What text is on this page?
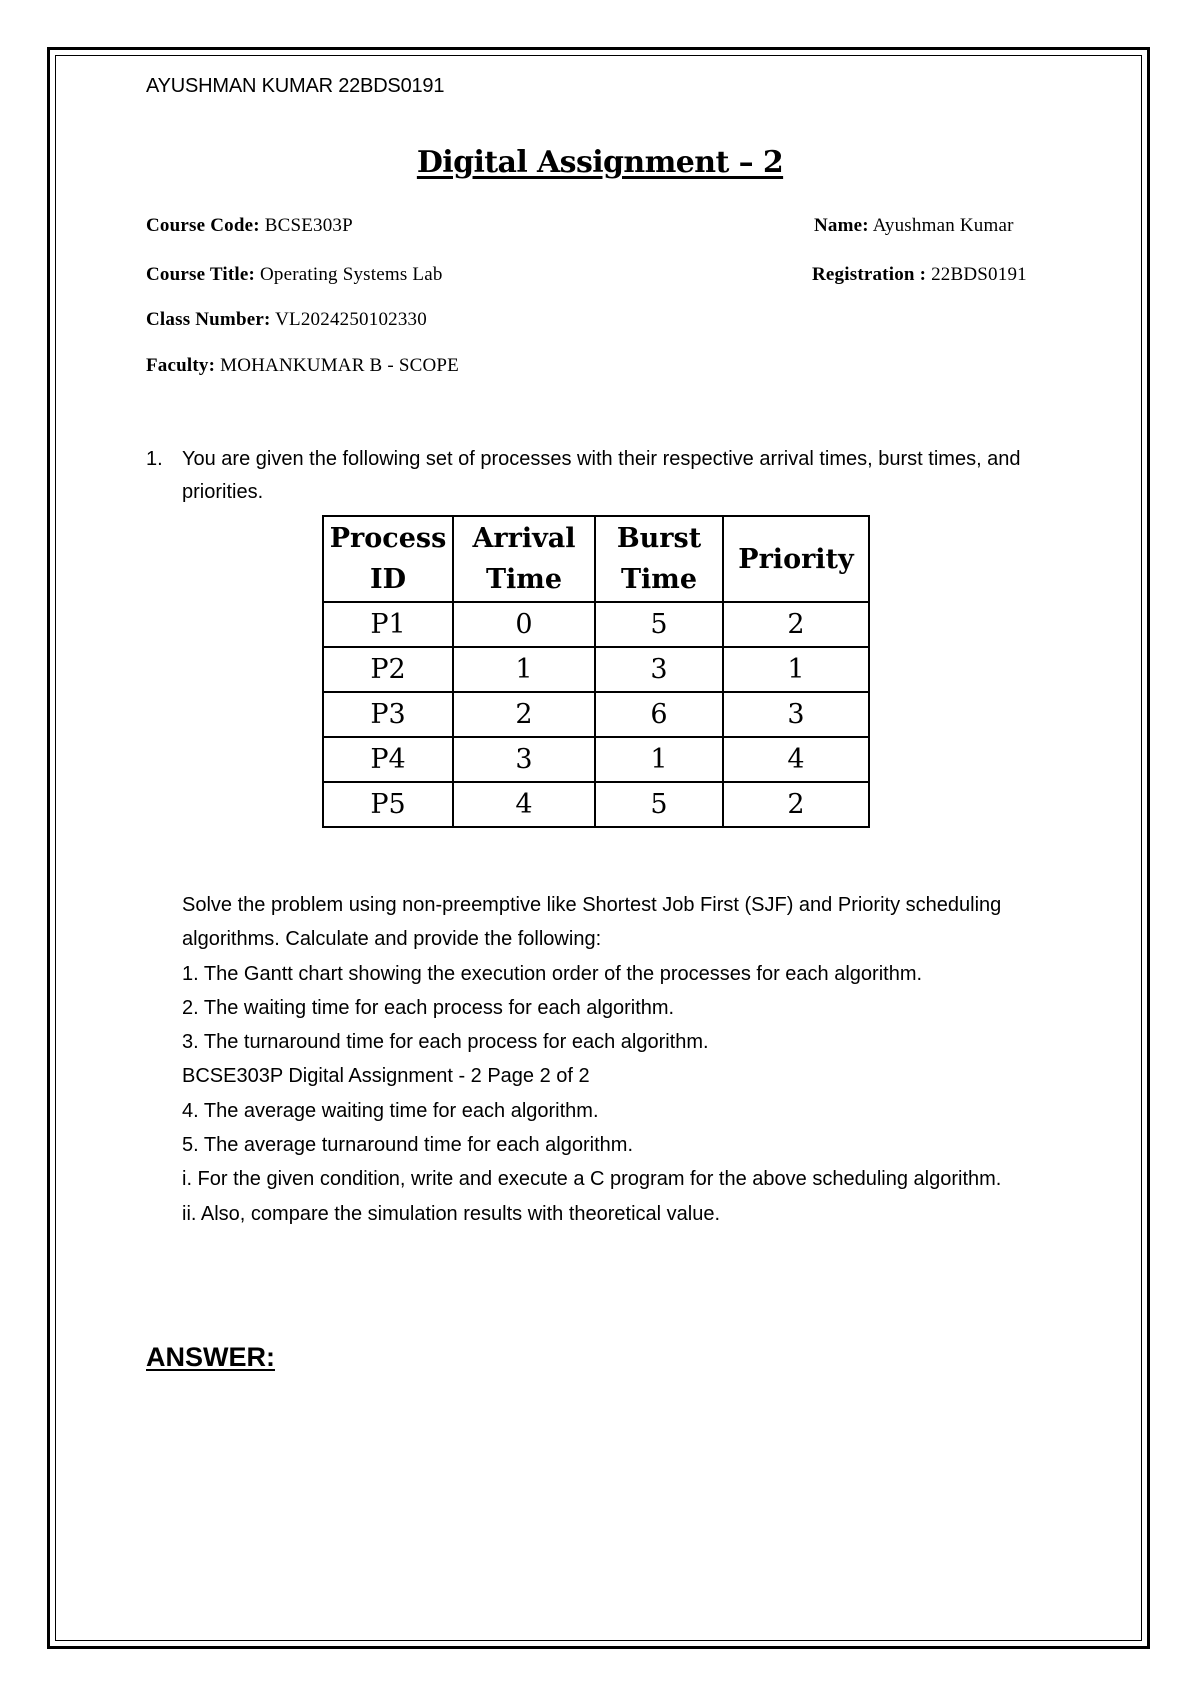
AYUSHMAN KUMAR 22BDS0191
Digital Assignment – 2
Course Code: BCSE303P	Name: Ayushman Kumar
Course Title: Operating Systems Lab	Registration : 22BDS0191
Class Number: VL2024250102330
Faculty: MOHANKUMAR B - SCOPE
1. You are given the following set of processes with their respective arrival times, burst times, and priorities.
Process ID	Arrival Time	Burst Time	Priority
P1	0	5	2
P2	1	3	1
P3	2	6	3
P4	3	1	4
P5	4	5	2

Solve the problem using non-preemptive like Shortest Job First (SJF) and Priority scheduling algorithms. Calculate and provide the following:

1. The Gantt chart showing the execution order of the processes for each algorithm.

2. The waiting time for each process for each algorithm.

3. The turnaround time for each process for each algorithm.

BCSE303P Digital Assignment - 2 Page 2 of 2

4. The average waiting time for each algorithm.

5. The average turnaround time for each algorithm.

i. For the given condition, write and execute a C program for the above scheduling algorithm.

ii. Also, compare the simulation results with theoretical value.

ANSWER:
